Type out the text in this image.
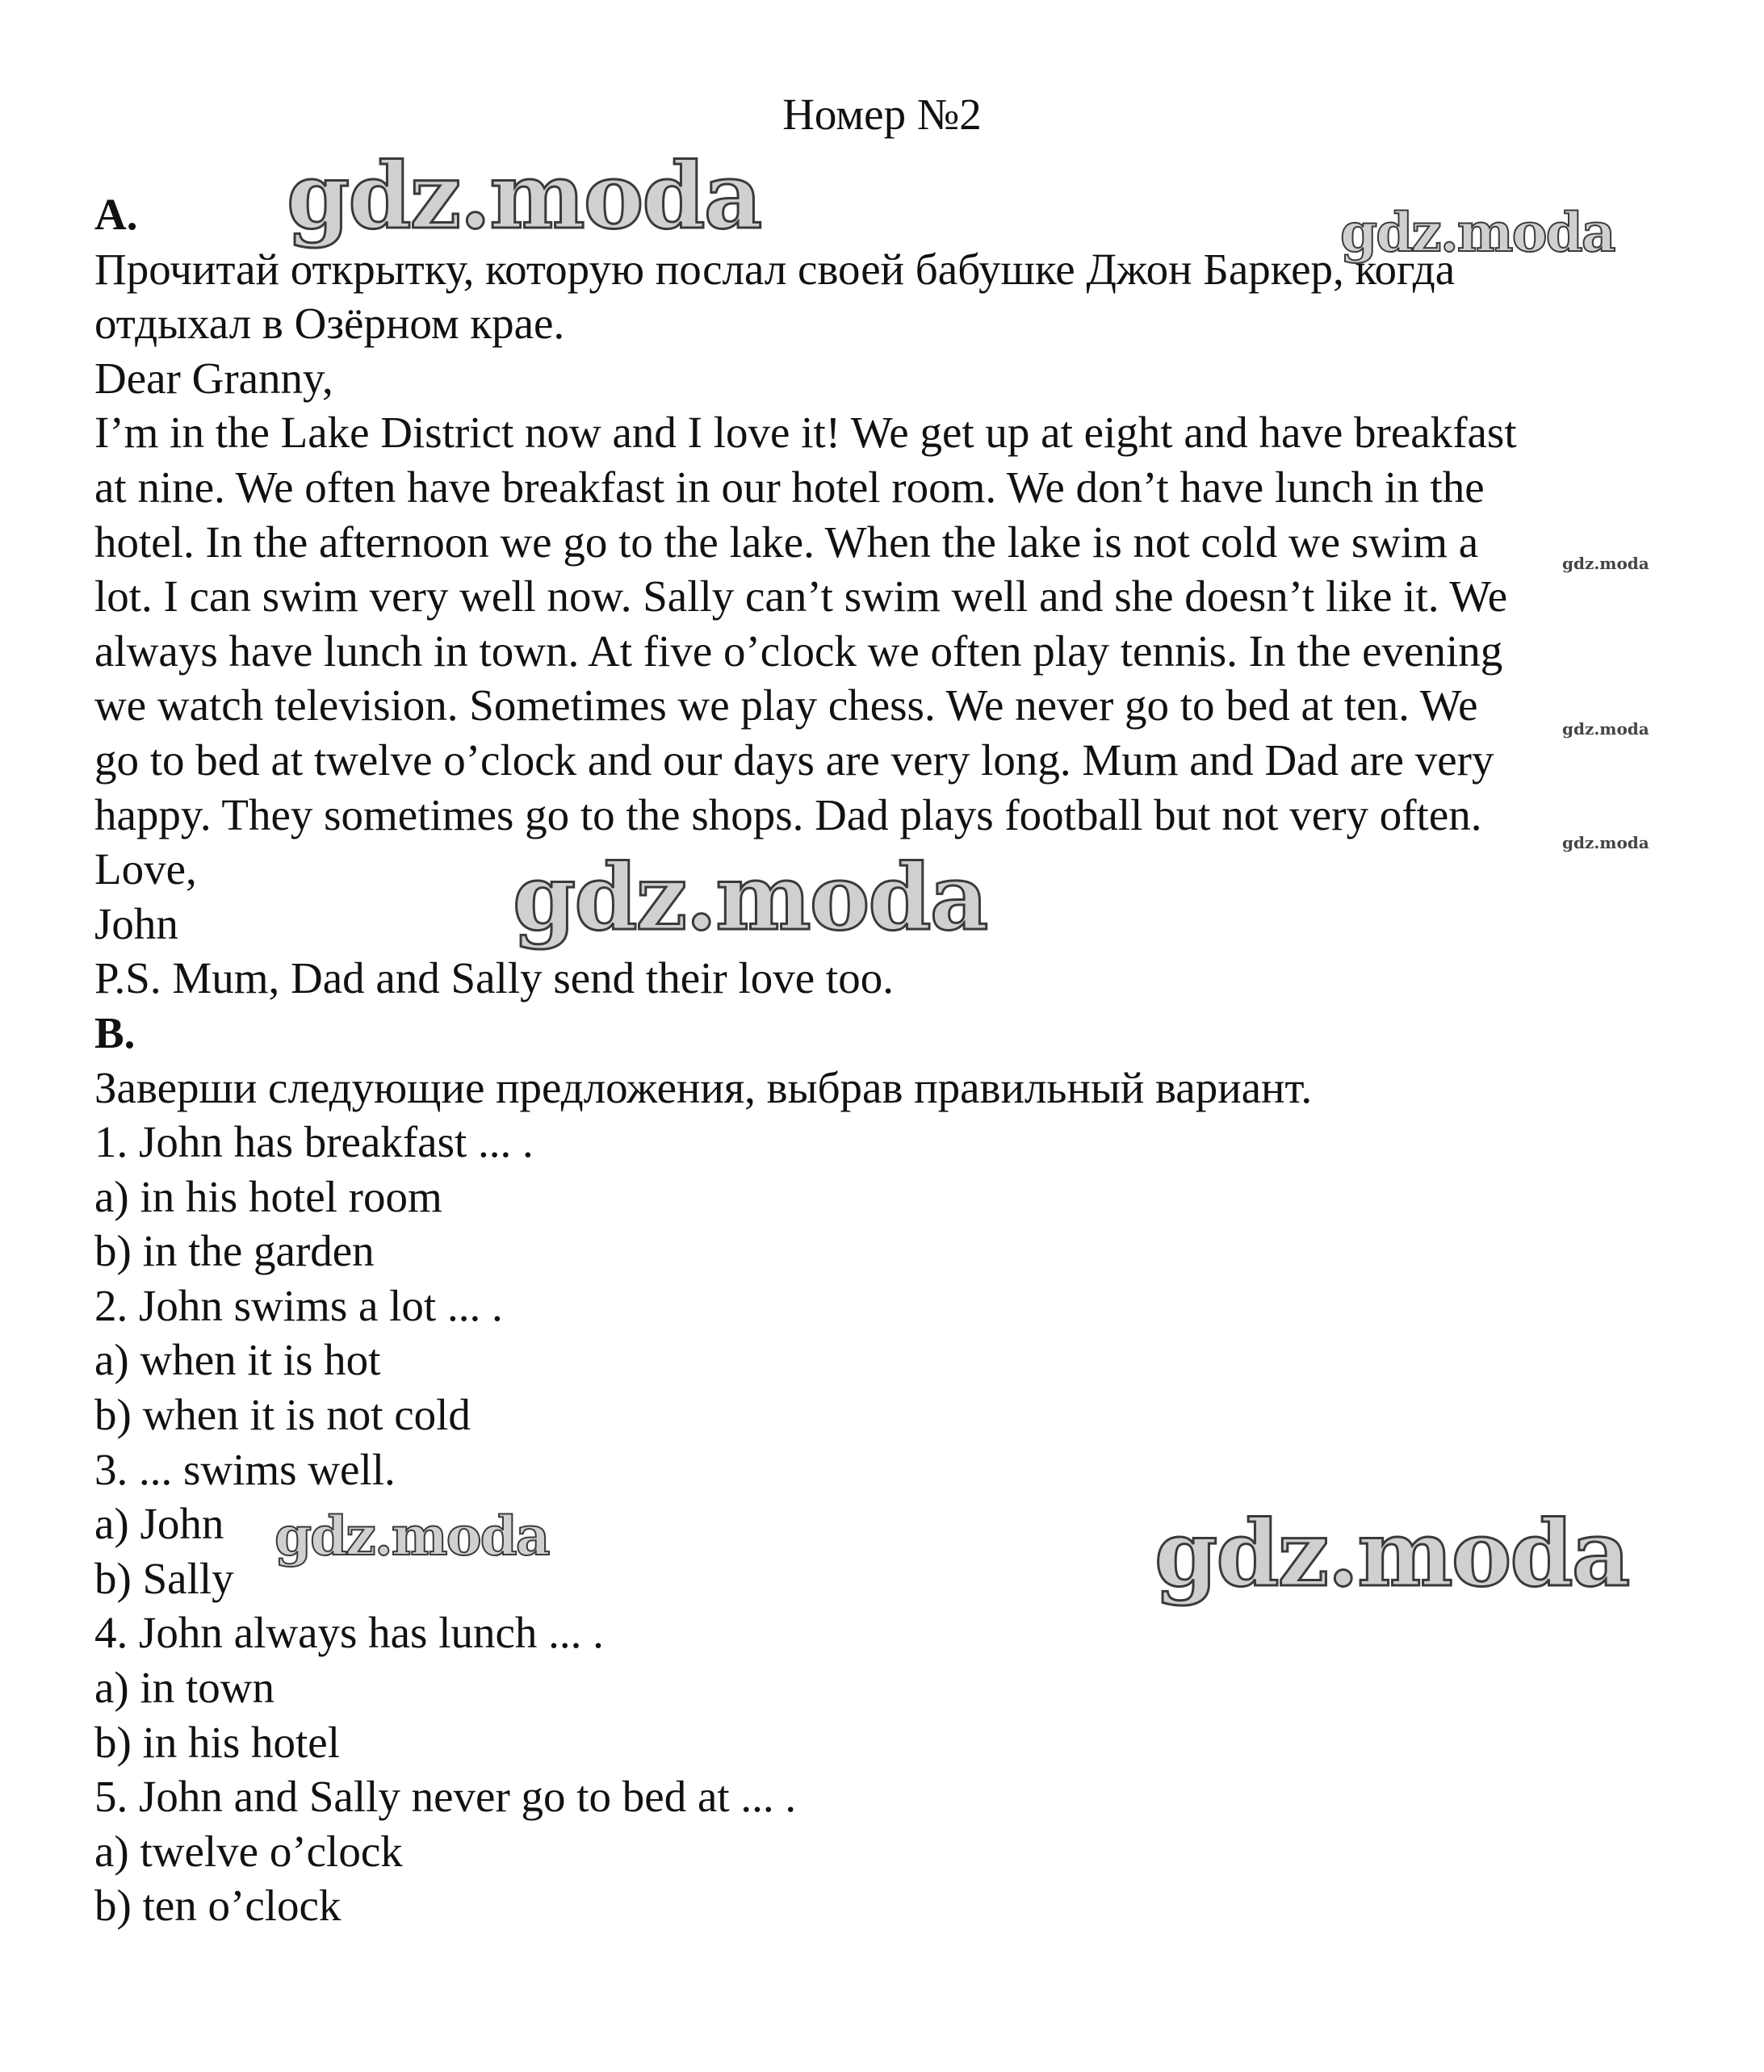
Номер №2
А.
Прочитай открытку, которую послал своей бабушке Джон Баркер, когда
отдыхал в Озёрном крае.
Dear Granny,
I’m in the Lake District now and I love it! We get up at eight and have breakfast
at nine. We often have breakfast in our hotel room. We don’t have lunch in the
hotel. In the afternoon we go to the lake. When the lake is not cold we swim a
lot. I can swim very well now. Sally can’t swim well and she doesn’t like it. We
always have lunch in town. At five o’clock we often play tennis. In the evening
we watch television. Sometimes we play chess. We never go to bed at ten. We
go to bed at twelve o’clock and our days are very long. Mum and Dad are very
happy. They sometimes go to the shops. Dad plays football but not very often.
Love,
John
P.S. Mum, Dad and Sally send their love too.
В.
Заверши следующие предложения, выбрав правильный вариант.
1. John has breakfast ... .
a) in his hotel room
b) in the garden
2. John swims a lot ... .
a) when it is hot
b) when it is not cold
3. ... swims well.
a) John
b) Sally
4. John always has lunch ... .
a) in town
b) in his hotel
5. John and Sally never go to bed at ... .
a) twelve o’clock
b) ten o’clock
gdz.moda	gdz.moda
gdz.moda
gdz.moda
gdz.moda
gdz.moda
gdz.moda	gdz.moda
